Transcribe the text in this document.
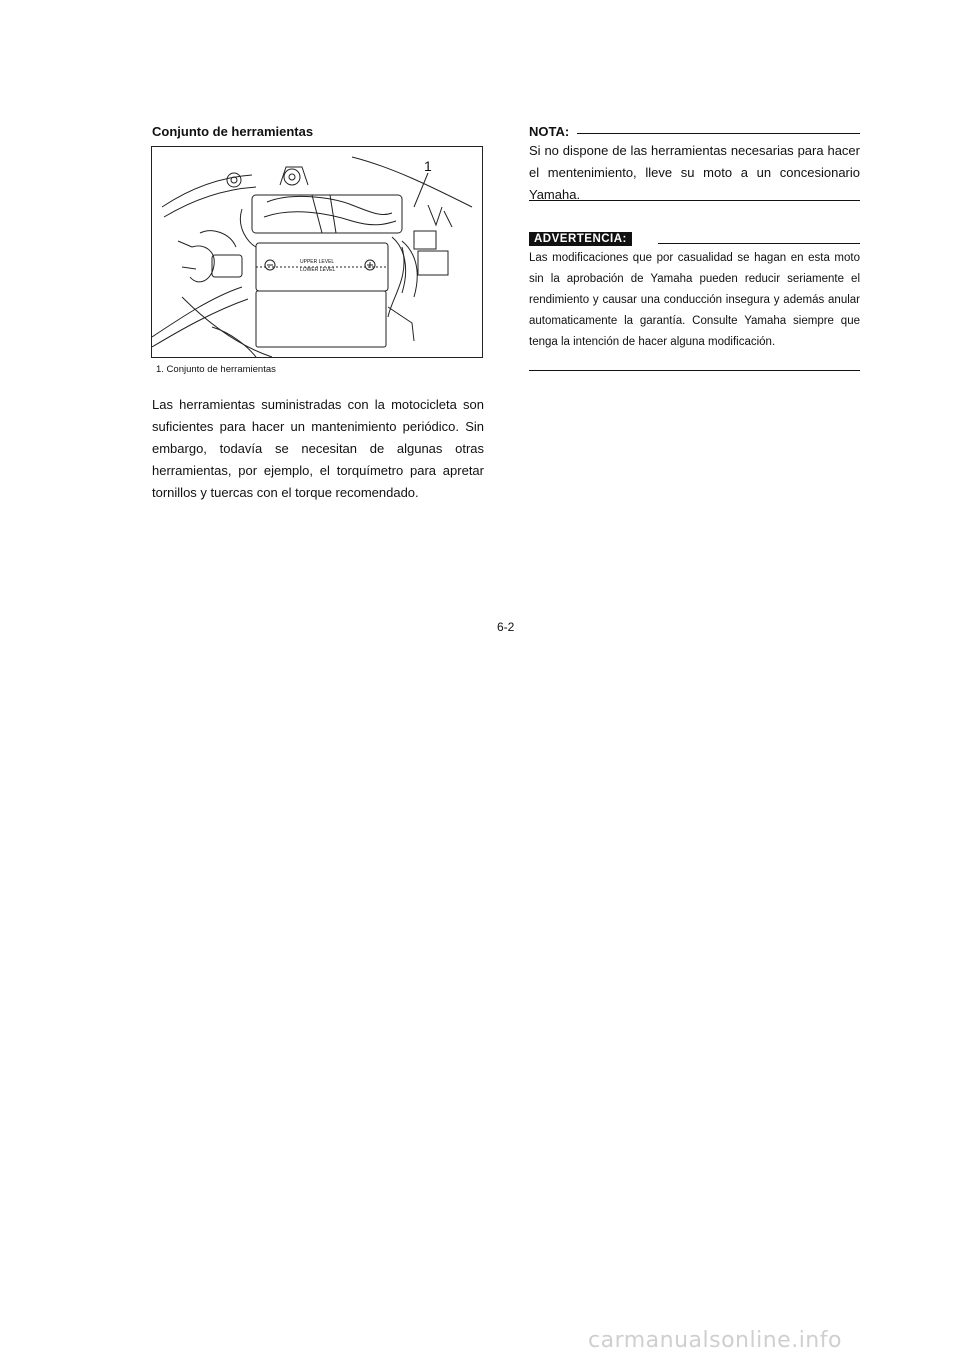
Conjunto de herramientas
1
UPPER LEVEL
LOWER LEVEL
1. Conjunto de herramientas
Las herramientas suministradas con la motocicleta son suficientes para hacer un mantenimiento periódico. Sin embargo, todavía se necesitan de algunas otras herramientas, por ejemplo, el torquímetro para apretar tornillos y tuercas con el torque recomendado.
NOTA:
Si no dispone de las herramientas necesarias para hacer el mentenimiento, lleve su moto a un concesionario Yamaha.
ADVERTENCIA:
Las modificaciones que por casualidad se hagan en esta moto sin la aprobación de Yamaha pueden reducir seriamente el rendimiento y causar una conducción insegura y además anular automaticamente la garantía. Consulte Yamaha siempre que tenga la intención de hacer alguna modificación.
6-2
carmanualsonline.info
